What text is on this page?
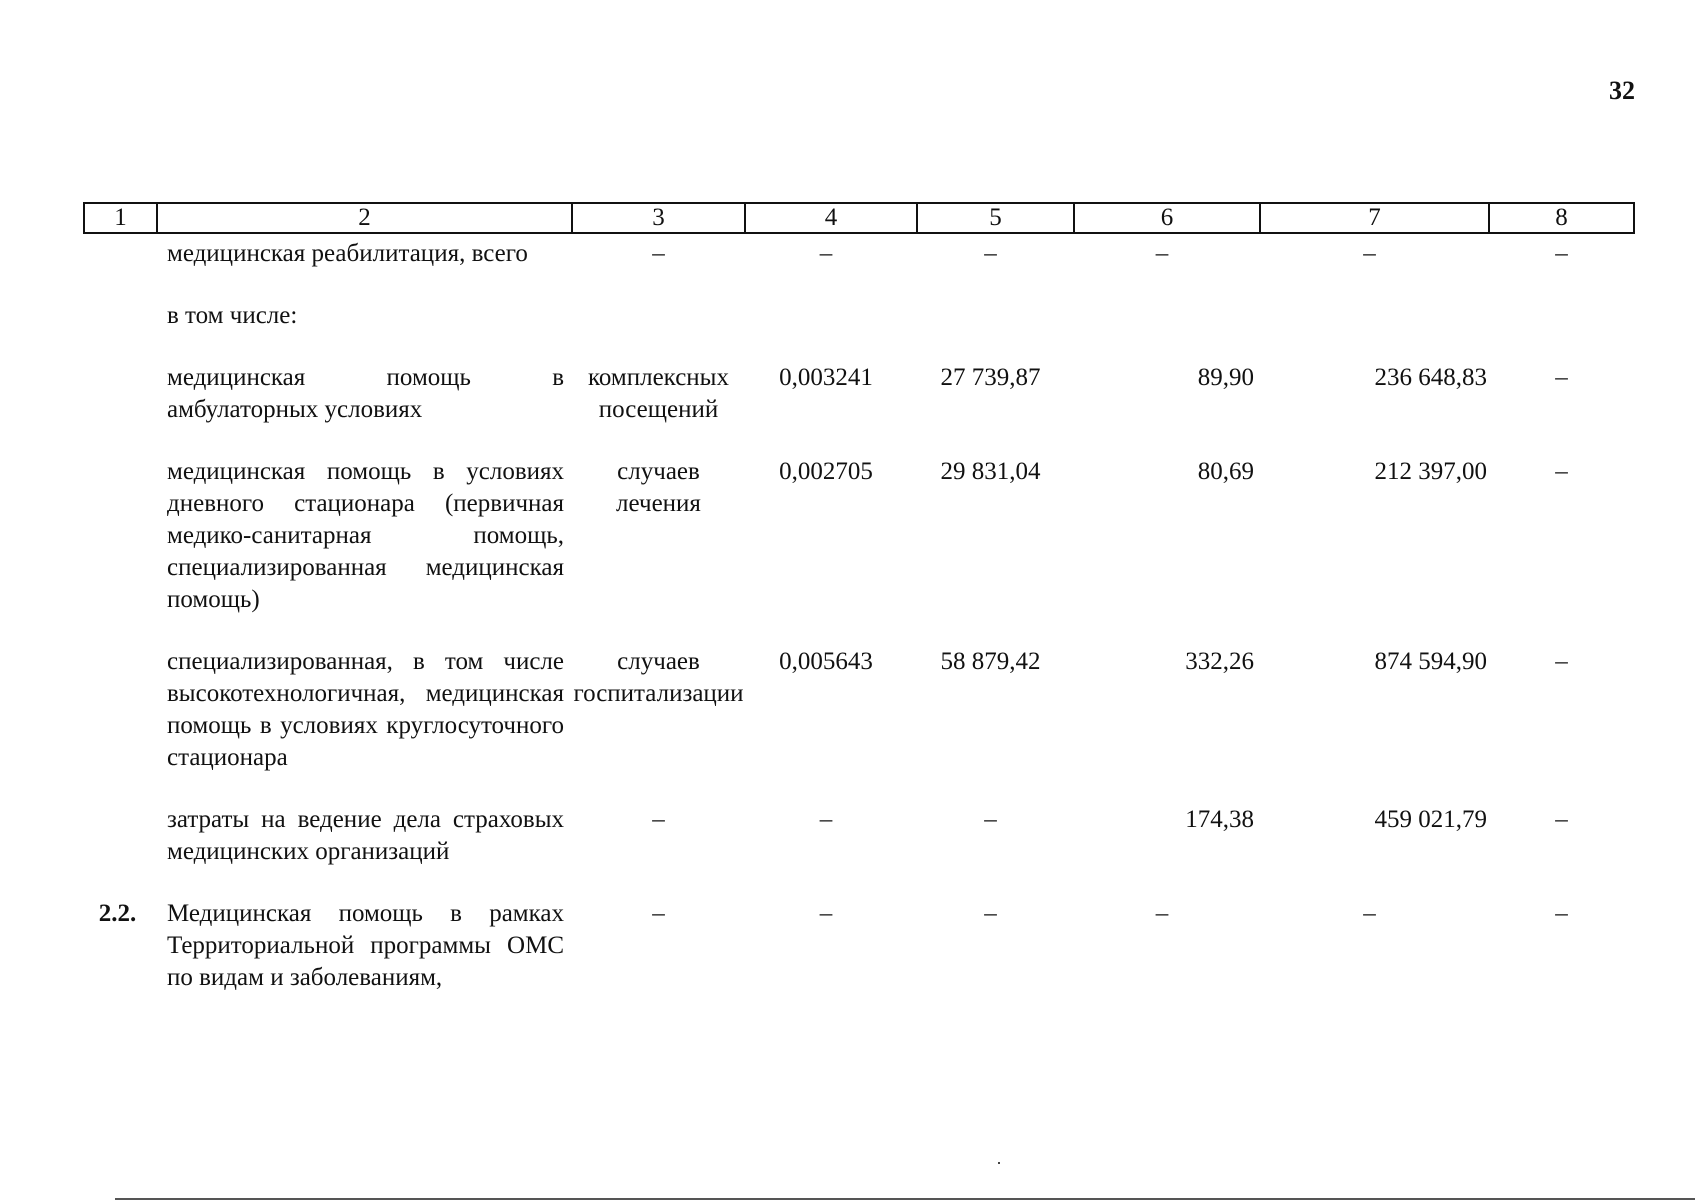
32
1	2	3	4	5	6	7	8
	медицинская реабилитация, всего	–	–	–	–	–	–
	в том числе:						
	медицинская помощь в амбулаторных условиях	комплексных посещений	0,003241	27 739,87	89,90	236 648,83	–
	медицинская помощь в условиях дневного стационара (первичная медико-санитарная помощь, специализированная медицинская помощь)	случаев лечения	0,002705	29 831,04	80,69	212 397,00	–
	специализированная, в том числе высокотехнологичная, медицинская помощь в условиях круглосуточного стационара	случаев госпитализации	0,005643	58 879,42	332,26	874 594,90	–
	затраты на ведение дела страховых медицинских организаций	–	–	–	174,38	459 021,79	–
2.2.	Медицинская помощь в рамках Территориальной программы ОМС по видам и заболеваниям,	–	–	–	–	–	–
